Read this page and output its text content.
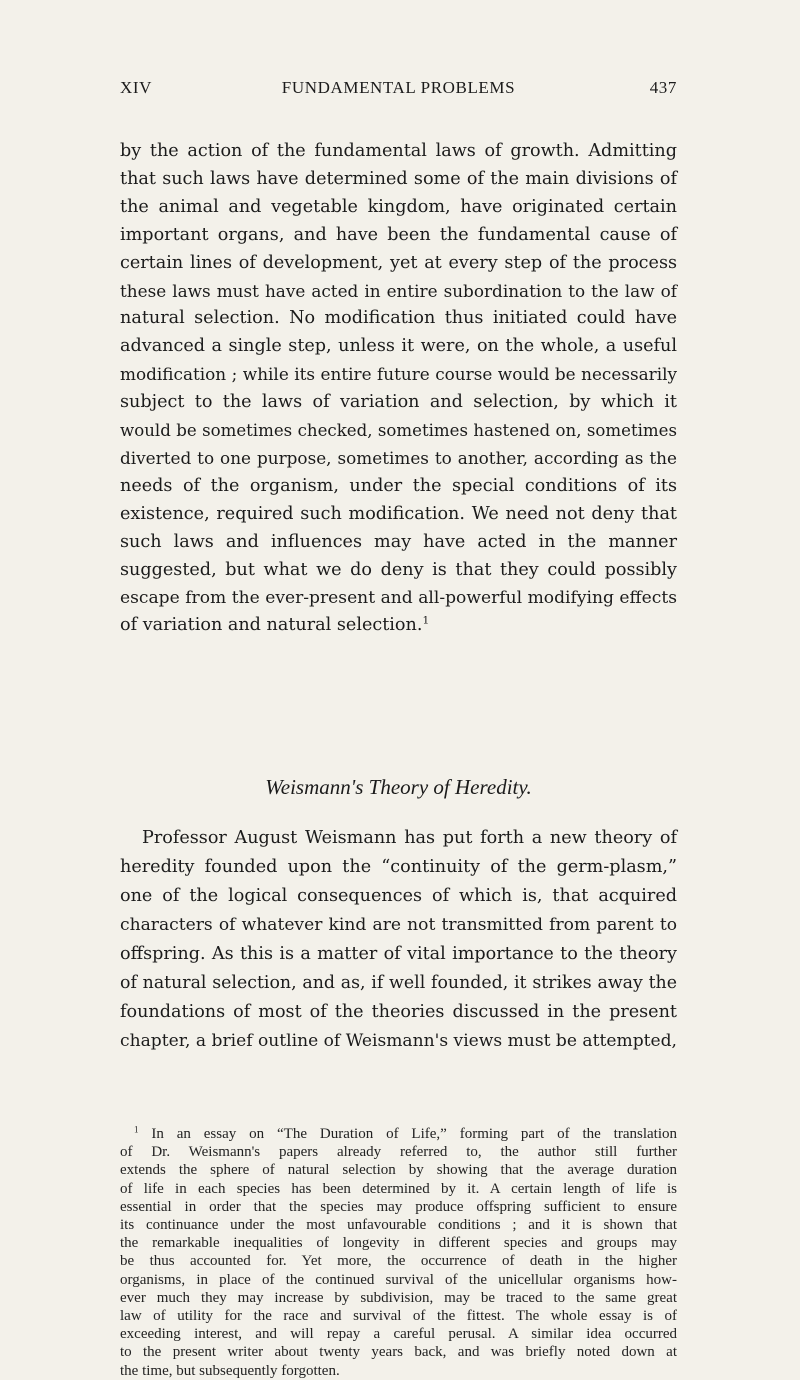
XIV	FUNDAMENTAL PROBLEMS	437
by the action of the fundamental laws of growth. Admitting
that such laws have determined some of the main divisions of
the animal and vegetable kingdom, have originated certain
important organs, and have been the fundamental cause of
certain lines of development, yet at every step of the process
these laws must have acted in entire subordination to the law of
natural selection. No modification thus initiated could have
advanced a single step, unless it were, on the whole, a useful
modification ; while its entire future course would be necessarily
subject to the laws of variation and selection, by which it
would be sometimes checked, sometimes hastened on, sometimes
diverted to one purpose, sometimes to another, according as the
needs of the organism, under the special conditions of its
existence, required such modification. We need not deny that
such laws and influences may have acted in the manner
suggested, but what we do deny is that they could possibly
escape from the ever-present and all-powerful modifying effects
of variation and natural selection.$^1$
Weismann's Theory of Heredity.
Professor August Weismann has put forth a new theory of
heredity founded upon the “continuity of the germ-plasm,”
one of the logical consequences of which is, that acquired
characters of whatever kind are not transmitted from parent to
offspring. As this is a matter of vital importance to the theory
of natural selection, and as, if well founded, it strikes away the
foundations of most of the theories discussed in the present
chapter, a brief outline of Weismann's views must be attempted,
$^1$ In an essay on “The Duration of Life,” forming part of the translation
of Dr. Weismann's papers already referred to, the author still further
extends the sphere of natural selection by showing that the average duration
of life in each species has been determined by it. A certain length of life is
essential in order that the species may produce offspring sufficient to ensure
its continuance under the most unfavourable conditions ; and it is shown that
the remarkable inequalities of longevity in different species and groups may
be thus accounted for. Yet more, the occurrence of death in the higher
organisms, in place of the continued survival of the unicellular organisms how-
ever much they may increase by subdivision, may be traced to the same great
law of utility for the race and survival of the fittest. The whole essay is of
exceeding interest, and will repay a careful perusal. A similar idea occurred
to the present writer about twenty years back, and was briefly noted down at
the time, but subsequently forgotten.
